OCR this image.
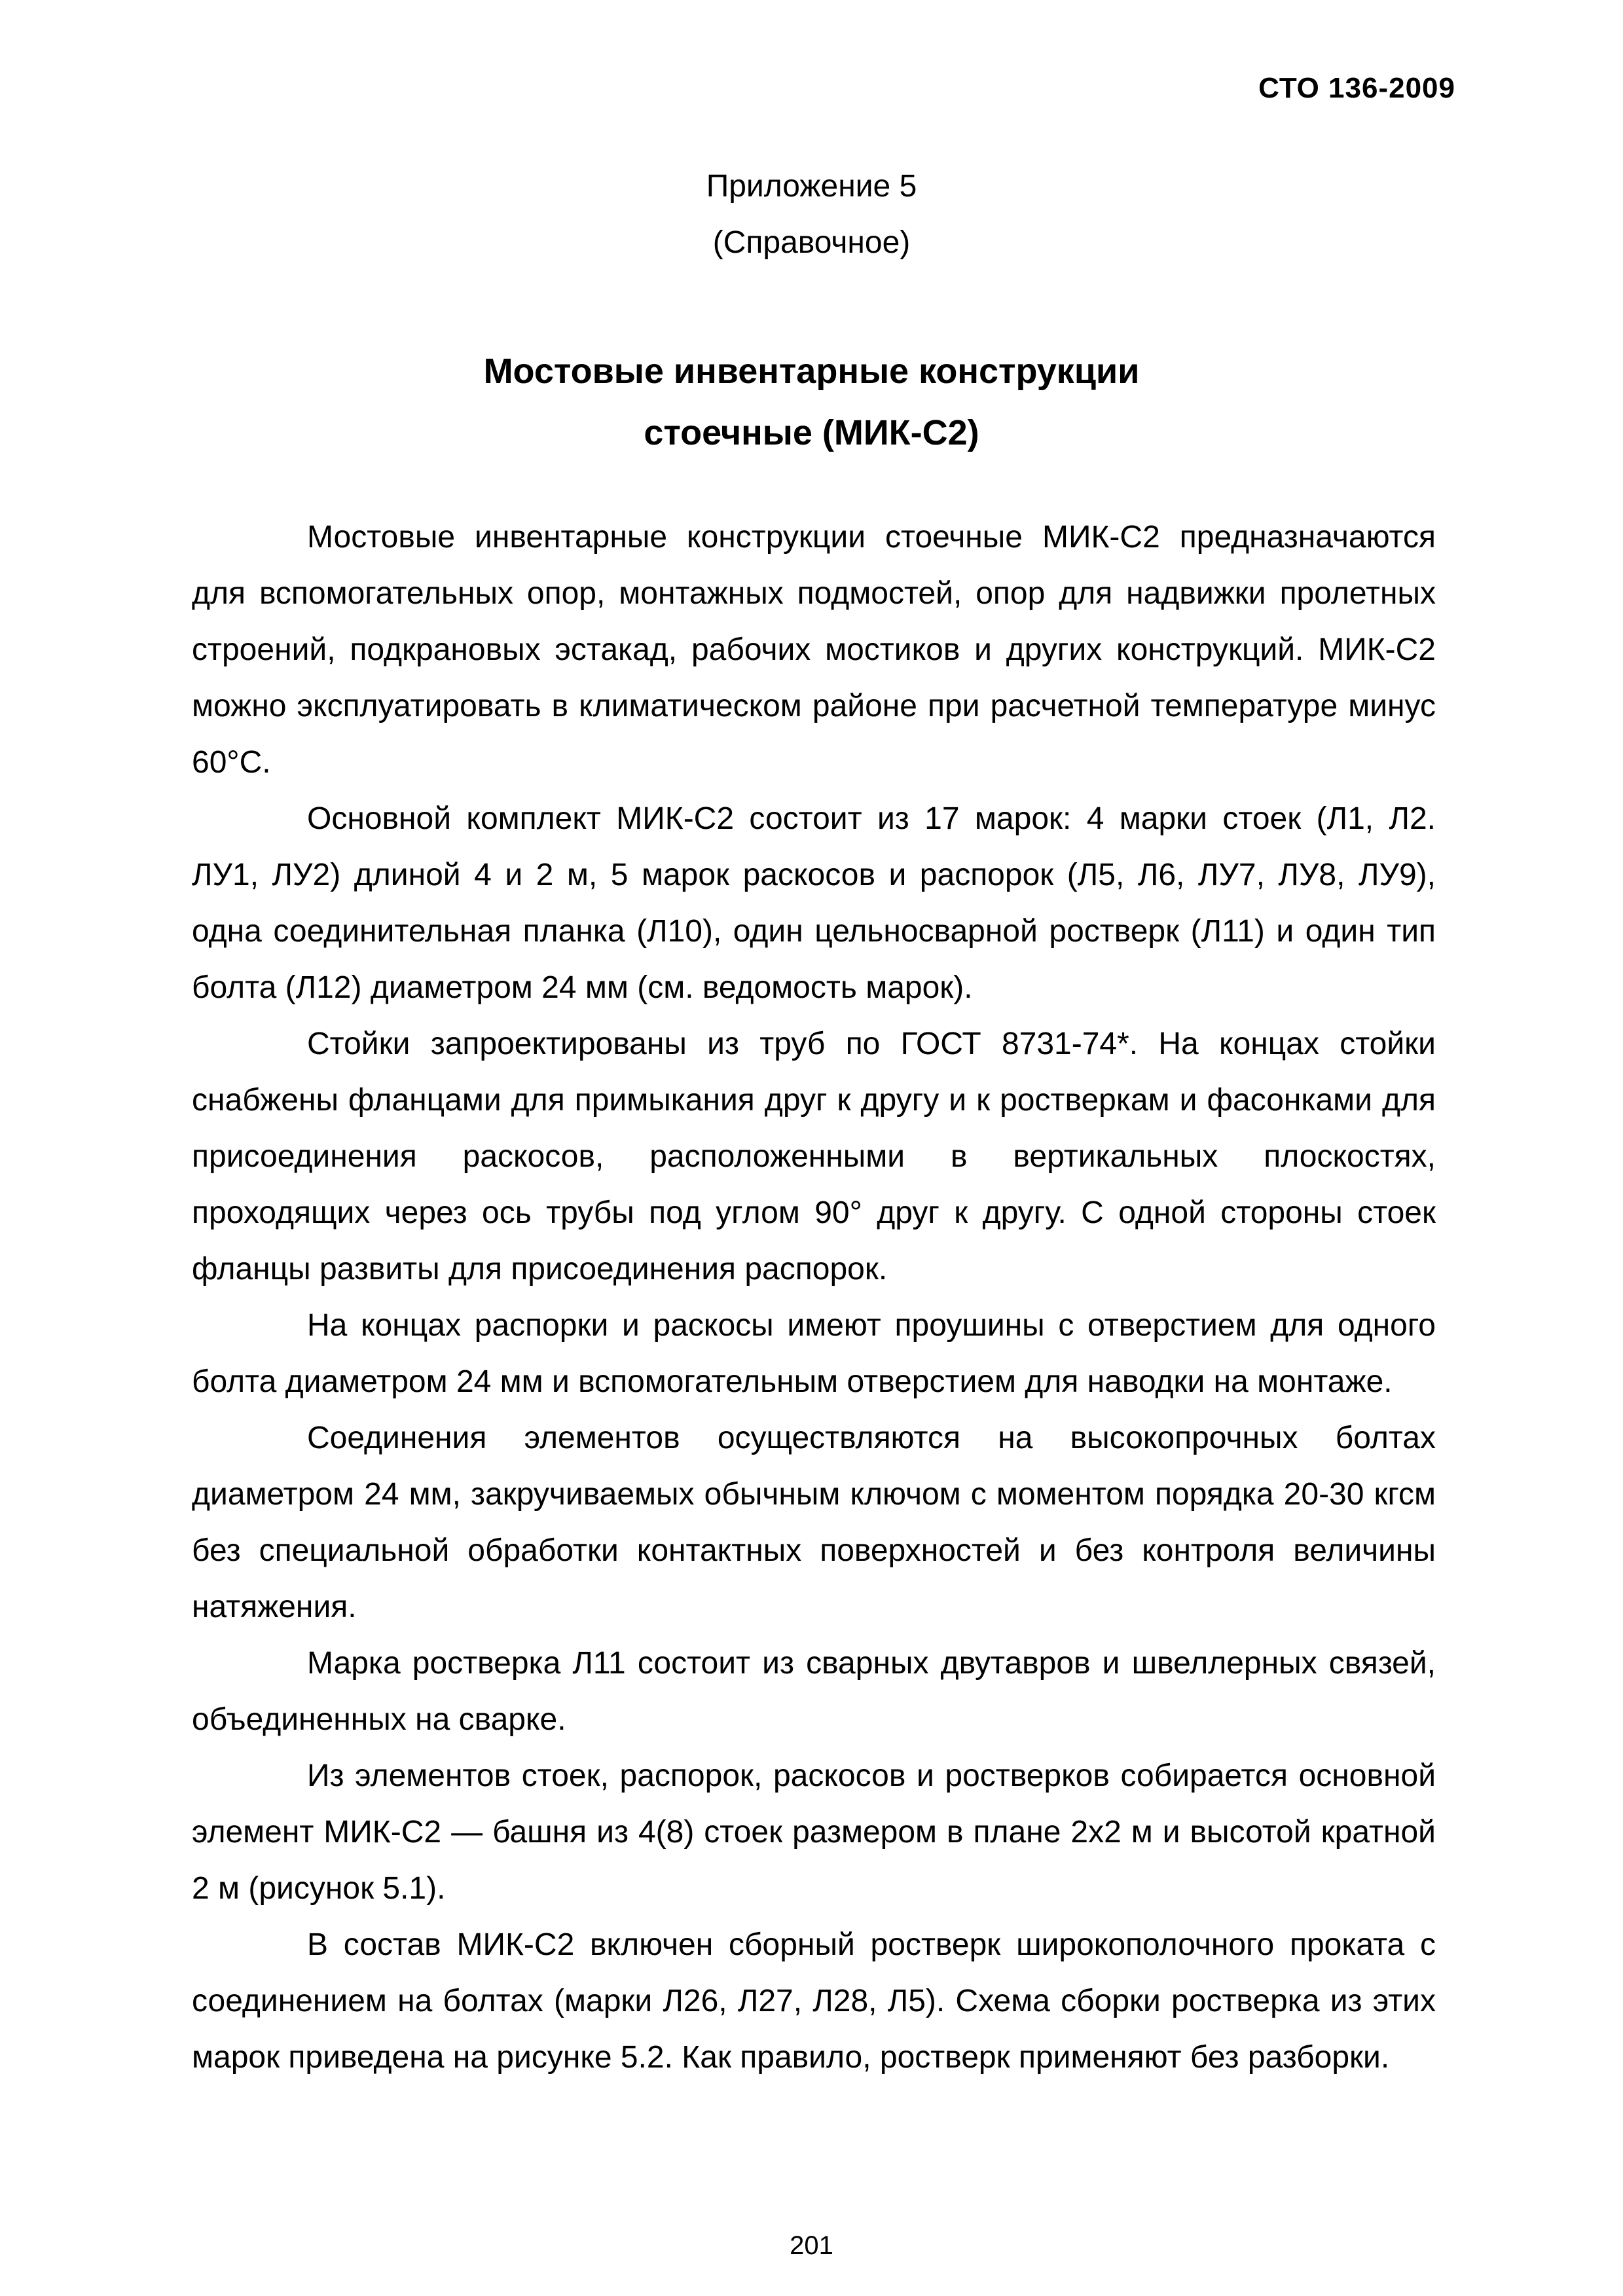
СТО 136-2009
Приложение 5
(Справочное)
Мостовые инвентарные конструкции
стоечные (МИК-С2)

Мостовые инвентарные конструкции стоечные МИК-С2 предназначаются для вспомогательных опор, монтажных подмостей, опор для надвижки пролетных строений, подкрановых эстакад, рабочих мостиков и других конструкций. МИК-С2 можно эксплуатировать в климатическом районе при расчетной температуре минус 60°С.

Основной комплект МИК-С2 состоит из 17 марок: 4 марки стоек (Л1, Л2. ЛУ1, ЛУ2) длиной 4 и 2 м, 5 марок раскосов и распорок (Л5, Л6, ЛУ7, ЛУ8, ЛУ9), одна соединительная планка (Л10), один цельносварной ростверк (Л11) и один тип болта (Л12) диаметром 24 мм (см. ведомость марок).

Стойки запроектированы из труб по ГОСТ 8731-74*. На концах стойки снабжены фланцами для примыкания друг к другу и к ростверкам и фасонками для присоединения раскосов, расположенными в вертикальных плоскостях, проходящих через ось трубы под углом 90° друг к другу. С одной стороны стоек фланцы развиты для присоединения распорок.

На концах распорки и раскосы имеют проушины с отверстием для одного болта диаметром 24 мм и вспомогательным отверстием для наводки на монтаже.

Соединения элементов осуществляются на высокопрочных болтах диаметром 24 мм, закручиваемых обычным ключом с моментом порядка 20-30 кгсм без специальной обработки контактных поверхностей и без контроля величины натяжения.

Марка ростверка Л11 состоит из сварных двутавров и швеллерных связей, объединенных на сварке.

Из элементов стоек, распорок, раскосов и ростверков собирается основной элемент МИК-С2 — башня из 4(8) стоек размером в плане 2х2 м и высотой кратной 2 м (рисунок 5.1).

В состав МИК-С2 включен сборный ростверк широкополочного проката с соединением на болтах (марки Л26, Л27, Л28, Л5). Схема сборки ростверка из этих марок приведена на рисунке 5.2. Как правило, ростверк применяют без разборки.

201
